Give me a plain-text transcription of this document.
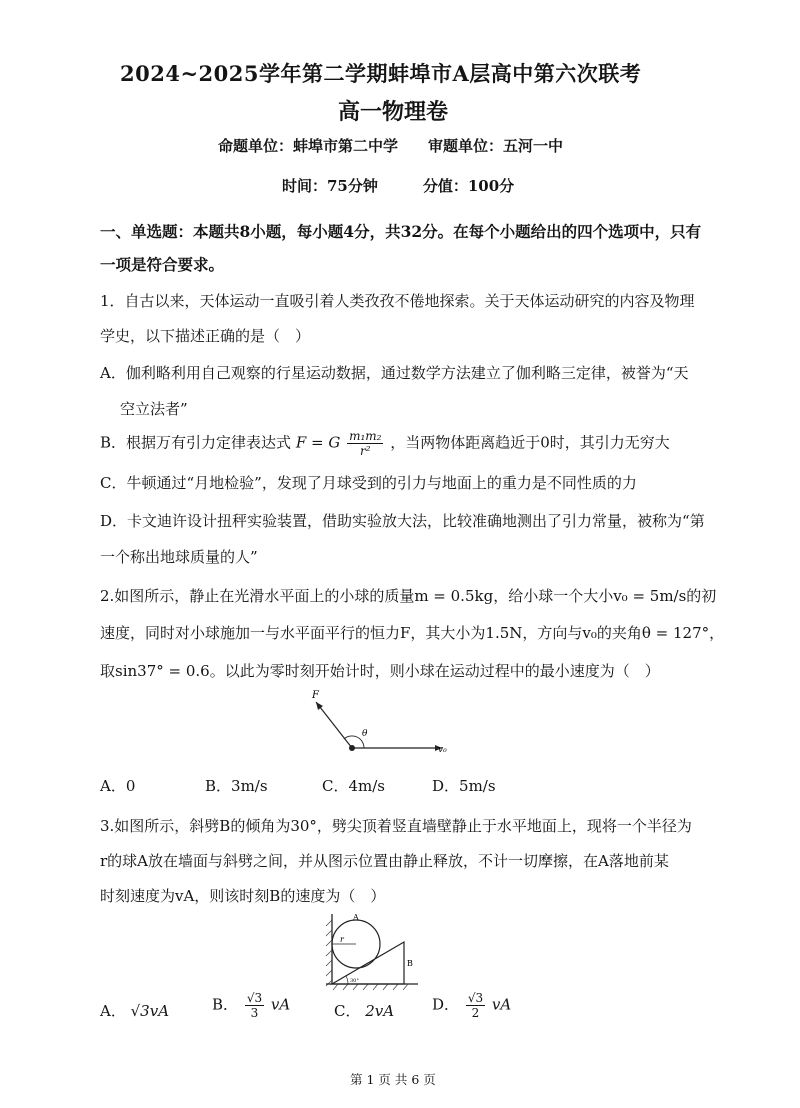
2024~2025学年第二学期蚌埠市A层高中第六次联考
高一物理卷
命题单位：蚌埠市第二中学　　审题单位：五河一中
时间：75分钟　　　分值：100分
一、单选题：本题共8小题，每小题4分，共32分。在每个小题给出的四个选项中，只有
一项是符合要求。
1．自古以来，天体运动一直吸引着人类孜孜不倦地探索。关于天体运动研究的内容及物理
学史，以下描述正确的是（　）
A．伽利略利用自己观察的行星运动数据，通过数学方法建立了伽利略三定律，被誉为“天
空立法者”
B．根据万有引力定律表达式 F = G $\frac{\text{m₁m₂}}{\text{r²}}$ ，当两物体距离趋近于0时，其引力无穷大
C．牛顿通过“月地检验”，发现了月球受到的引力与地面上的重力是不同性质的力
D．卡文迪许设计扭秤实验装置，借助实验放大法，比较准确地测出了引力常量，被称为“第
一个称出地球质量的人”
2.如图所示，静止在光滑水平面上的小球的质量m = 0.5kg，给小球一个大小v₀ = 5m/s的初
速度，同时对小球施加一与水平面平行的恒力F，其大小为1.5N，方向与v₀的夹角θ = 127°，
取sin37° = 0.6。以此为零时刻开始计时，则小球在运动过程中的最小速度为（　）
F
θ
v₀
A．0	B．3m/s	C．4m/s	D．5m/s
3.如图所示，斜劈B的倾角为30°，劈尖顶着竖直墙壁静止于水平地面上，现将一个半径为
r的球A放在墙面与斜劈之间，并从图示位置由静止释放，不计一切摩擦，在A落地前某
时刻速度为vA，则该时刻B的速度为（　）
A
r
B
30°
A． √3vA	B． $\frac{√3}{3}$ vA	C． 2vA	D． $\frac{√3}{2}$ vA
第 1 页 共 6 页
